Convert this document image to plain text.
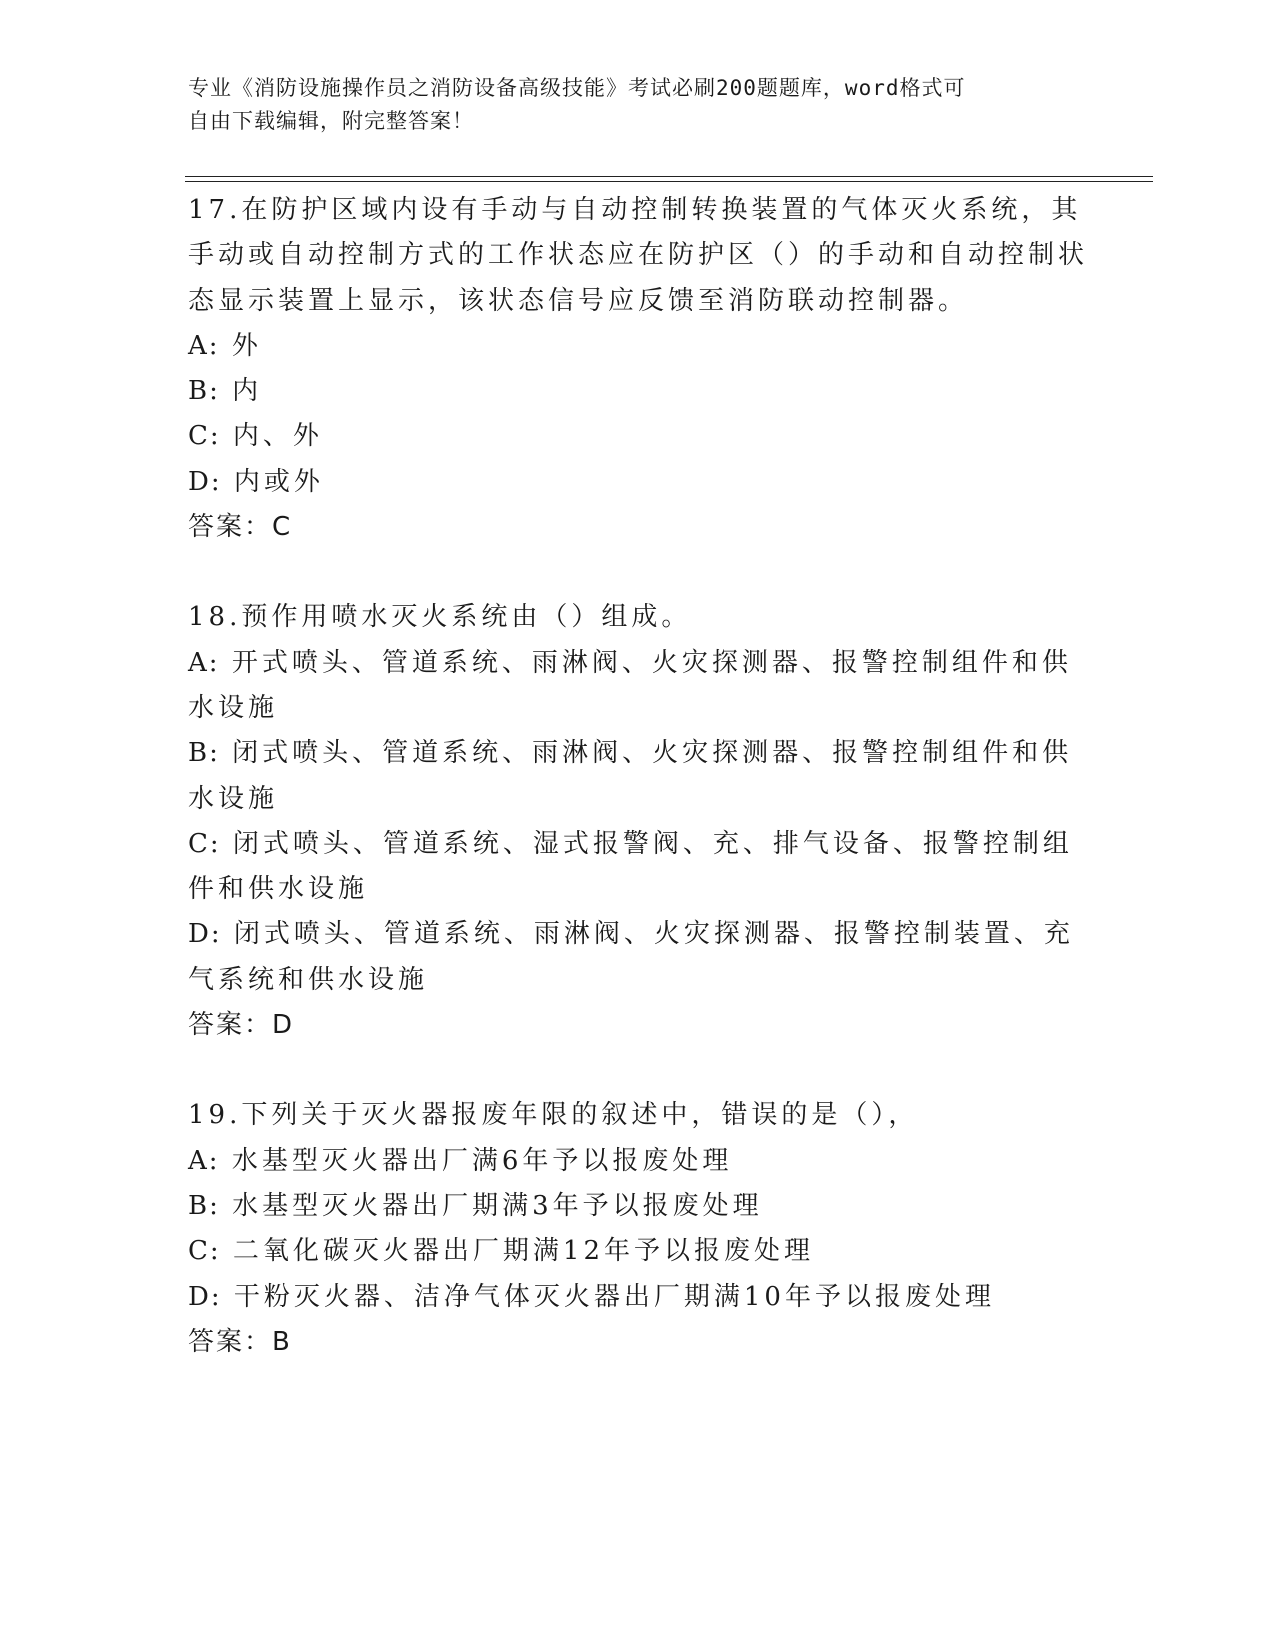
专业《消防设施操作员之消防设备高级技能》考试必刷200题题库，word格式可
自由下载编辑，附完整答案！

17.在防护区域内设有手动与自动控制转换装置的气体灭火系统，其手动或自动控制方式的工作状态应在防护区（）的手动和自动控制状态显示装置上显示，该状态信号应反馈至消防联动控制器。

A: 外

B: 内

C: 内、外

D: 内或外

答案：C

18.预作用喷水灭火系统由（）组成。

A: 开式喷头、管道系统、雨淋阀、火灾探测器、报警控制组件和供水设施

B: 闭式喷头、管道系统、雨淋阀、火灾探测器、报警控制组件和供水设施

C: 闭式喷头、管道系统、湿式报警阀、充、排气设备、报警控制组件和供水设施

D: 闭式喷头、管道系统、雨淋阀、火灾探测器、报警控制装置、充气系统和供水设施

答案：D

19.下列关于灭火器报废年限的叙述中，错误的是（），

A: 水基型灭火器出厂满6年予以报废处理

B: 水基型灭火器出厂期满3年予以报废处理

C: 二氧化碳灭火器出厂期满12年予以报废处理

D: 干粉灭火器、洁净气体灭火器出厂期满10年予以报废处理

答案：B
